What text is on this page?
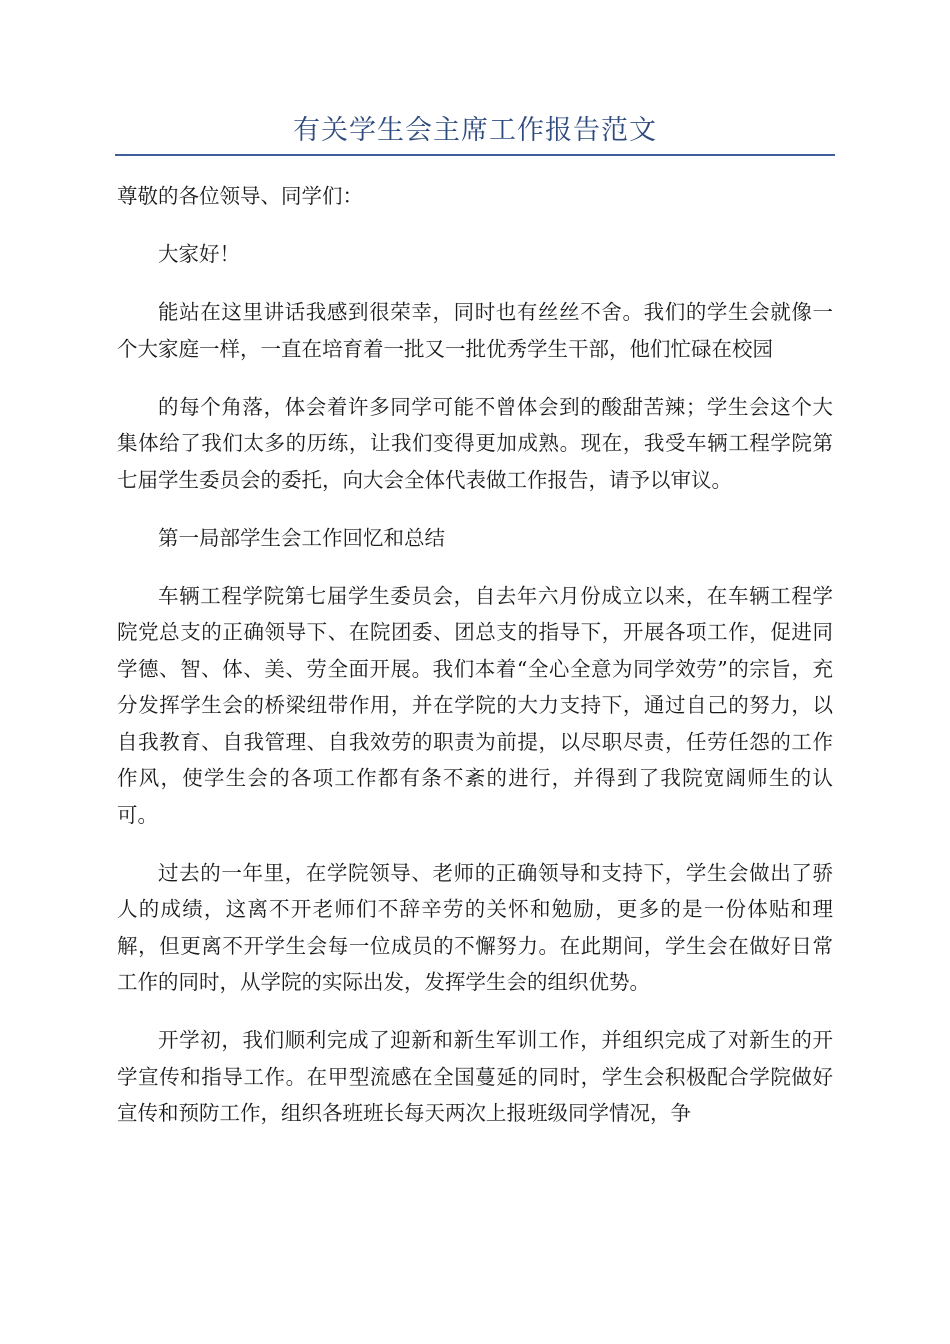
有关学生会主席工作报告范文

尊敬的各位领导、同学们：

大家好！

能站在这里讲话我感到很荣幸，同时也有丝丝不舍。我们的学生会就像一个大家庭一样，一直在培育着一批又一批优秀学生干部，他们忙碌在校园

的每个角落，体会着许多同学可能不曾体会到的酸甜苦辣；学生会这个大集体给了我们太多的历练，让我们变得更加成熟。现在，我受车辆工程学院第七届学生委员会的委托，向大会全体代表做工作报告，请予以审议。

第一局部学生会工作回忆和总结

车辆工程学院第七届学生委员会，自去年六月份成立以来，在车辆工程学院党总支的正确领导下、在院团委、团总支的指导下，开展各项工作，促进同学德、智、体、美、劳全面开展。我们本着“全心全意为同学效劳”的宗旨，充分发挥学生会的桥梁纽带作用，并在学院的大力支持下，通过自己的努力，以自我教育、自我管理、自我效劳的职责为前提，以尽职尽责，任劳任怨的工作作风，使学生会的各项工作都有条不紊的进行，并得到了我院宽阔师生的认可。

过去的一年里，在学院领导、老师的正确领导和支持下，学生会做出了骄人的成绩，这离不开老师们不辞辛劳的关怀和勉励，更多的是一份体贴和理解，但更离不开学生会每一位成员的不懈努力。在此期间，学生会在做好日常工作的同时，从学院的实际出发，发挥学生会的组织优势。

开学初，我们顺利完成了迎新和新生军训工作，并组织完成了对新生的开学宣传和指导工作。在甲型流感在全国蔓延的同时，学生会积极配合学院做好宣传和预防工作，组织各班班长每天两次上报班级同学情况，争
